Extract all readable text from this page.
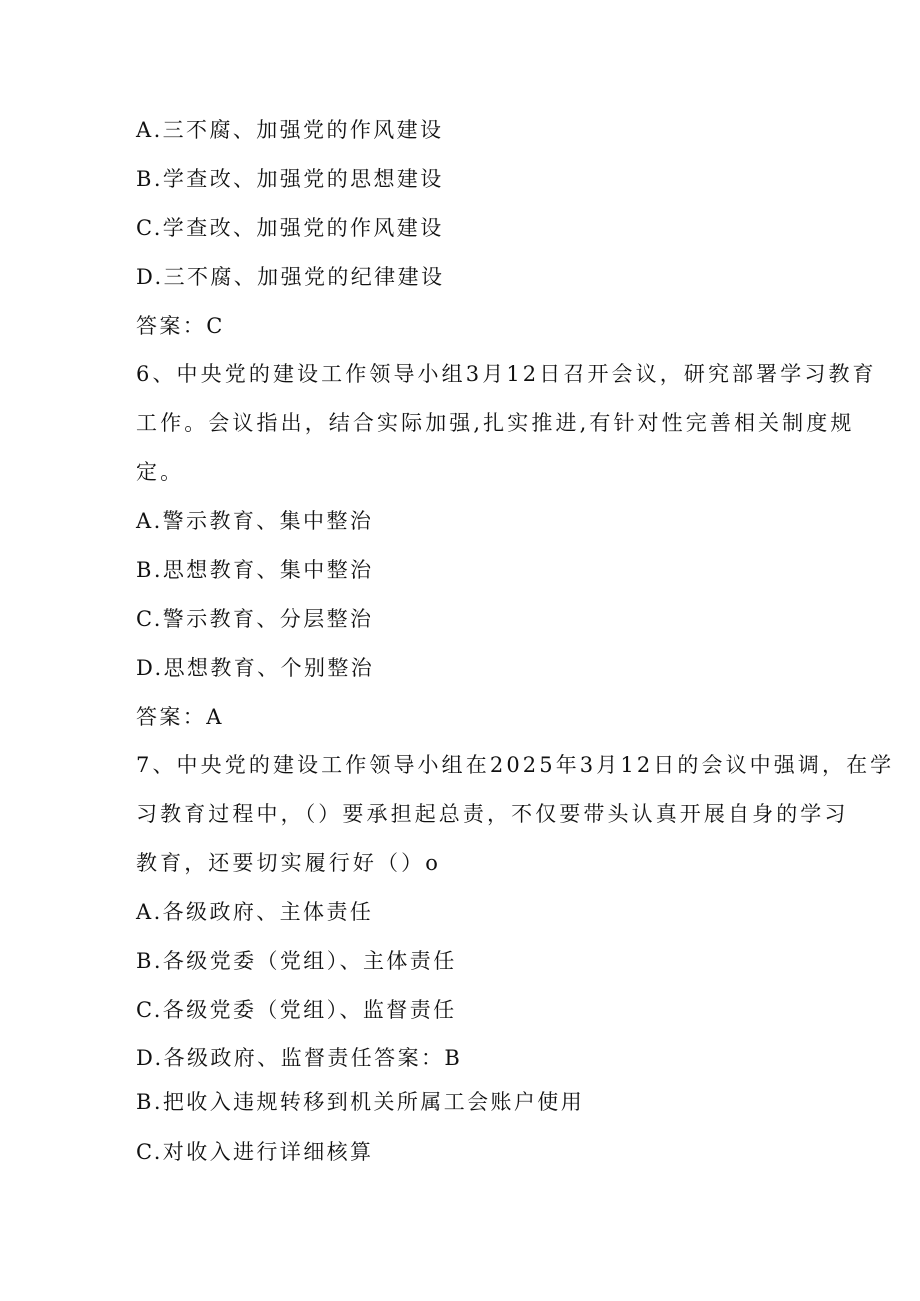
A.三不腐、加强党的作风建设
B.学查改、加强党的思想建设
C.学查改、加强党的作风建设
D.三不腐、加强党的纪律建设
答案：C
6、中央党的建设工作领导小组3月12日召开会议，研究部署学习教育
工作。会议指出，结合实际加强,扎实推进,有针对性完善相关制度规
定。
A.警示教育、集中整治
B.思想教育、集中整治
C.警示教育、分层整治
D.思想教育、个别整治
答案：A
7、中央党的建设工作领导小组在2025年3月12日的会议中强调，在学
习教育过程中，（）要承担起总责，不仅要带头认真开展自身的学习
教育，还要切实履行好（）o
A.各级政府、主体责任
B.各级党委（党组）、主体责任
C.各级党委（党组）、监督责任
D.各级政府、监督责任答案：B
B.把收入违规转移到机关所属工会账户使用
C.对收入进行详细核算
